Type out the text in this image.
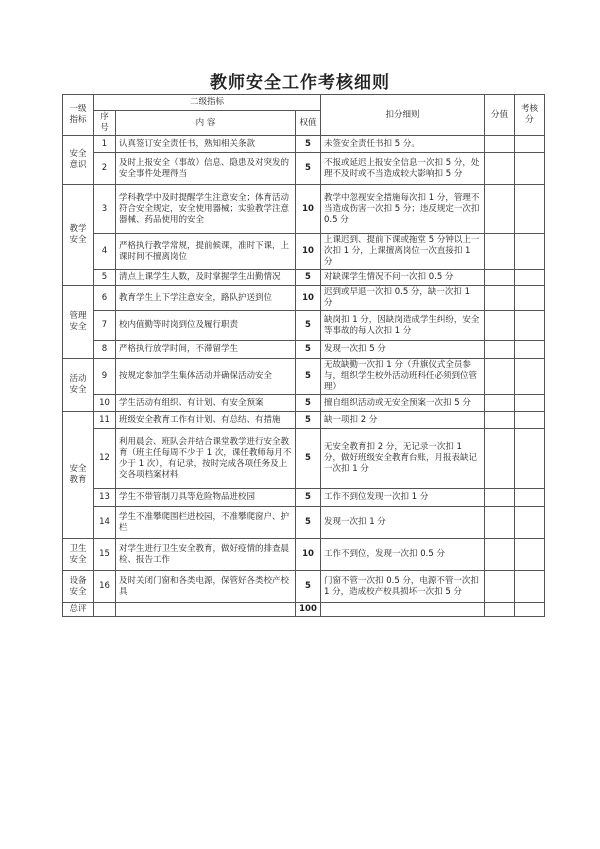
教师安全工作考核细则
一级指标	二级指标			扣分细则	分值	考核分
	序号	内 容	权值			
安全意识	1	认真签订安全责任书，熟知相关条款	5	未签安全责任书扣 5 分。		
	2	及时上报安全（事故）信息、隐患及对突发的安全事件处理得当	5	不报或延迟上报安全信息一次扣 5 分，处理不及时或不当造成较大影响扣 5 分		
教学安全	3	学科教学中及时提醒学生注意安全；体育活动符合安全规定，安全使用器械；实验教学注意器械、药品使用的安全	10	教学中忽视安全措施每次扣 1 分，管理不当造成伤害一次扣 5 分；违反规定一次扣 0.5 分		
	4	严格执行教学常规，提前候课，准时下课，上课时间不擅离岗位	10	上课迟到、提前下课或拖堂 5 分钟以上一次扣 1 分，上课擅离岗位一次直接扣 1 分		
	5	清点上课学生人数，及时掌握学生出勤情况	5	对缺课学生情况不问一次扣 0.5 分		
管理安全	6	教育学生上下学注意安全，路队护送到位	10	迟到或早退一次扣 0.5 分，缺一次扣 1 分		
	7	校内值勤等时岗到位及履行职责	5	缺岗扣 1 分，因缺岗造成学生纠纷，安全等事故的每人次扣 1 分		
	8	严格执行放学时间，不滞留学生	5	发现一次扣 5 分		
活动安全	9	按规定参加学生集体活动并确保活动安全	5	无故缺勤一次扣 1 分（升旗仪式全员参与，组织学生校外活动班科任必须到位管理）		
	10	学生活动有组织、有计划、有安全预案	5	擅自组织活动或无安全预案一次扣 5 分		
安全教育	11	班级安全教育工作有计划、有总结、有措施	5	缺一项扣 2 分		
	12	利用晨会、班队会并结合课堂教学进行安全教育（班主任每周不少于 1 次，课任教师每月不少于 1 次），有记录，按时完成各项任务及上交各项档案材料	5	无安全教育扣 2 分，无记录一次扣 1 分，做好班级安全教育台账，月报表缺记一次扣 1 分		
	13	学生不带管制刀具等危险物品进校园	5	工作不到位发现一次扣 1 分		
	14	学生不准攀爬围栏进校园，不准攀爬窗户、护栏	5	发现一次扣 1 分		
卫生安全	15	对学生进行卫生安全教育，做好疫情的排查晨检、报告工作	10	工作不到位，发现一次扣 0.5 分		
设备安全	16	及时关闭门窗和各类电源，保管好各类校产校具	5	门窗不管一次扣 0.5 分，电源不管一次扣 1 分，造成校产校具损坏一次扣 5 分		
总评			100			
